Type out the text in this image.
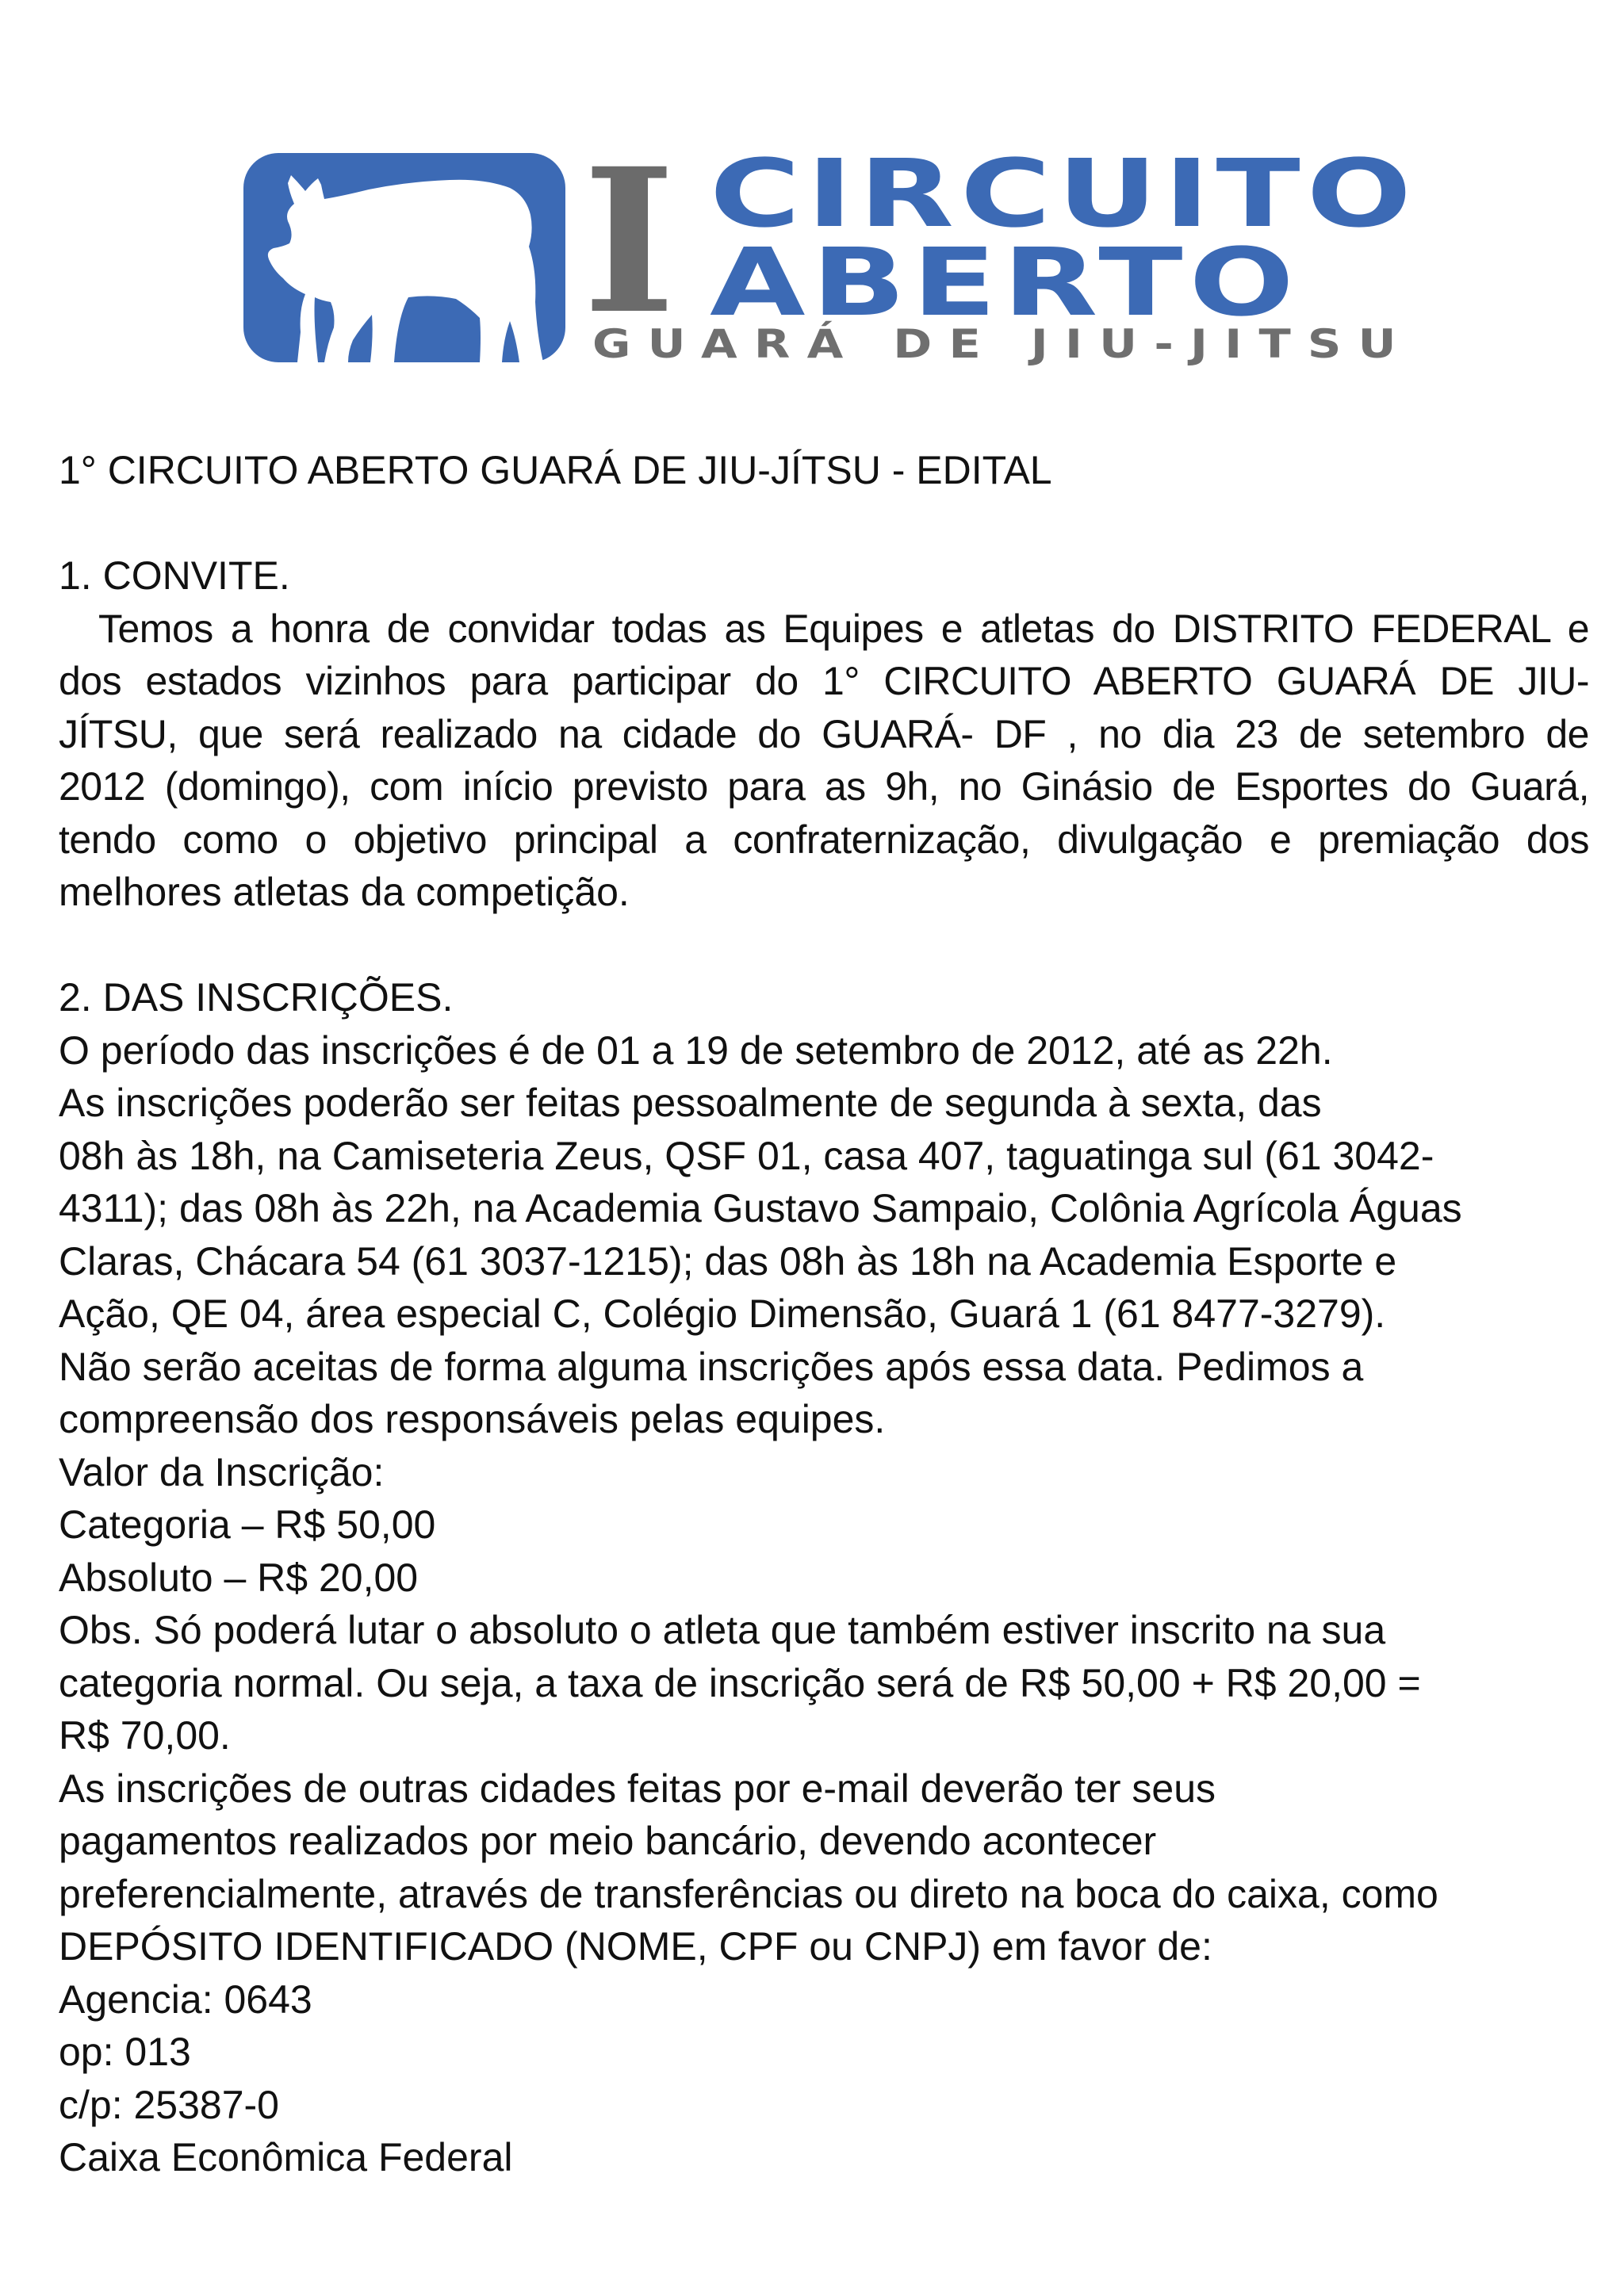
I CIRCUITO
ABERTO
GUARÁ DE JIU-JITSU
1° CIRCUITO ABERTO GUARÁ DE JIU-JÍTSU - EDITAL
1. CONVITE.
Temos a honra de convidar todas as Equipes e atletas do DISTRITO FEDERAL e
dos estados vizinhos para participar do 1° CIRCUITO ABERTO GUARÁ DE JIU-
JÍTSU, que será realizado na cidade do GUARÁ- DF , no dia 23 de setembro de
2012 (domingo), com início previsto para as 9h, no Ginásio de Esportes do Guará,
tendo como o objetivo principal a confraternização, divulgação e premiação dos
melhores atletas da competição.
2. DAS INSCRIÇÕES.
O período das inscrições é de 01 a 19 de setembro de 2012, até as 22h.
As inscrições poderão ser feitas pessoalmente de segunda à sexta, das
08h às 18h, na Camiseteria Zeus, QSF 01, casa 407, taguatinga sul (61 3042-
4311); das 08h às 22h, na Academia Gustavo Sampaio, Colônia Agrícola Águas
Claras, Chácara 54 (61 3037-1215); das 08h às 18h na Academia Esporte e
Ação, QE 04, área especial C, Colégio Dimensão, Guará 1 (61 8477-3279).
Não serão aceitas de forma alguma inscrições após essa data. Pedimos a
compreensão dos responsáveis pelas equipes.
Valor da Inscrição:
Categoria – R$ 50,00
Absoluto – R$ 20,00
Obs. Só poderá lutar o absoluto o atleta que também estiver inscrito na sua
categoria normal. Ou seja, a taxa de inscrição será de R$ 50,00 + R$ 20,00 =
R$ 70,00.
As inscrições de outras cidades feitas por e-mail deverão ter seus
pagamentos realizados por meio bancário, devendo acontecer
preferencialmente, através de transferências ou direto na boca do caixa, como
DEPÓSITO IDENTIFICADO (NOME, CPF ou CNPJ) em favor de:
Agencia: 0643
op: 013
c/p: 25387-0
Caixa Econômica Federal
